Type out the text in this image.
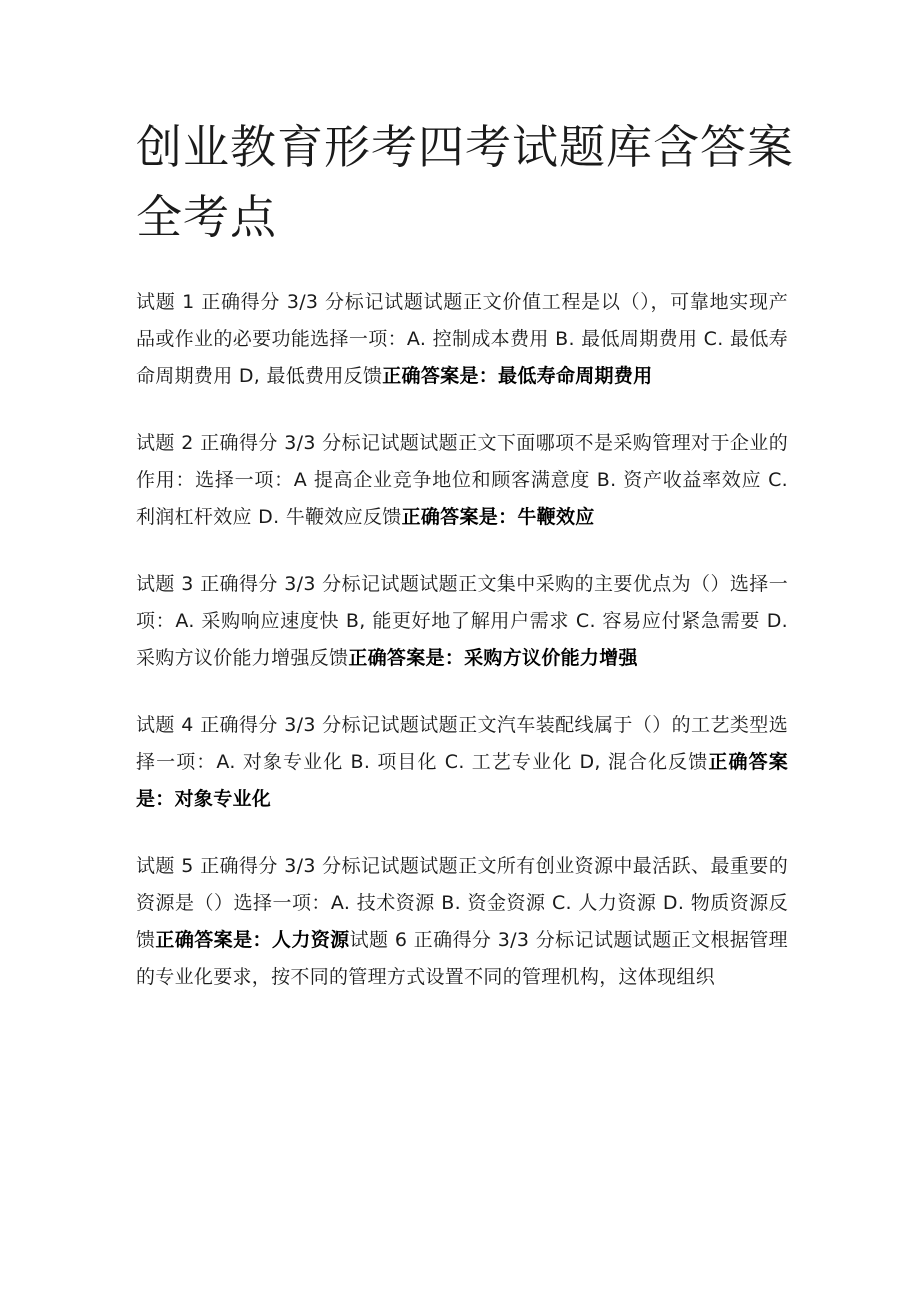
创业教育形考四考试题库含答案全考点

试题 1 正确得分 3/3 分标记试题试题正文价值工程是以（），可靠地实现产品或作业的必要功能选择一项：A. 控制成本费用 B. 最低周期费用 C. 最低寿命周期费用 D, 最低费用反馈正确答案是：最低寿命周期费用

试题 2 正确得分 3/3 分标记试题试题正文下面哪项不是采购管理对于企业的作用：选择一项：A 提高企业竞争地位和顾客满意度 B. 资产收益率效应 C. 利润杠杆效应 D. 牛鞭效应反馈正确答案是：牛鞭效应

试题 3 正确得分 3/3 分标记试题试题正文集中采购的主要优点为（）选择一项：A. 采购响应速度快 B, 能更好地了解用户需求 C. 容易应付紧急需要 D. 采购方议价能力增强反馈正确答案是：采购方议价能力增强

试题 4 正确得分 3/3 分标记试题试题正文汽车装配线属于（）的工艺类型选择一项：A. 对象专业化 B. 项目化 C. 工艺专业化 D, 混合化反馈正确答案是：对象专业化

试题 5 正确得分 3/3 分标记试题试题正文所有创业资源中最活跃、最重要的资源是（）选择一项：A. 技术资源 B. 资金资源 C. 人力资源 D. 物质资源反馈正确答案是：人力资源试题 6 正确得分 3/3 分标记试题试题正文根据管理的专业化要求，按不同的管理方式设置不同的管理机构，这体现组织
